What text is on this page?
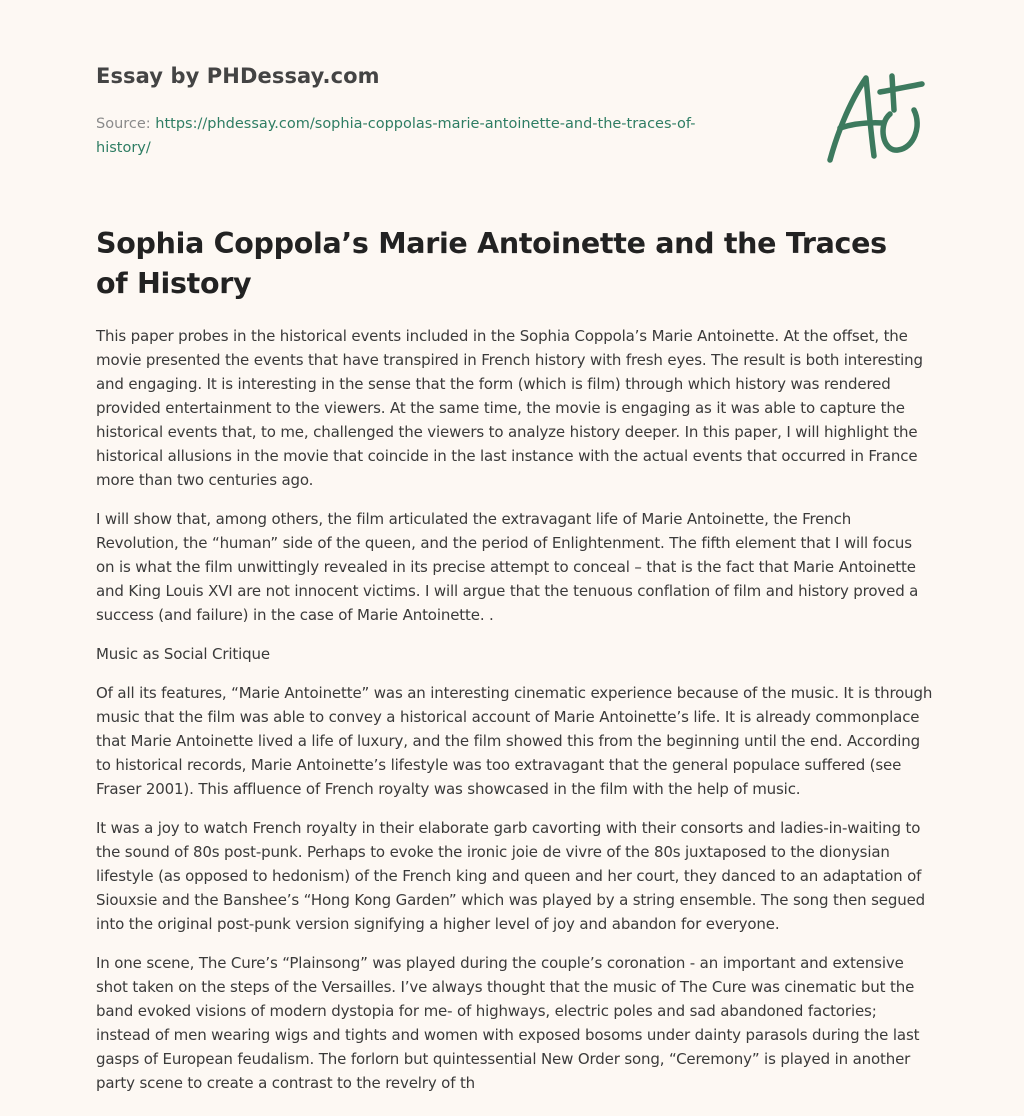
Essay by PHDessay.com
Source: https://phdessay.com/sophia-coppolas-marie-antoinette-and-the-traces-of-history/
Sophia Coppola’s Marie Antoinette and the Traces of History

This paper probes in the historical events included in the Sophia Coppola’s Marie Antoinette. At the offset, the movie presented the events that have transpired in French history with fresh eyes. The result is both interesting and engaging. It is interesting in the sense that the form (which is film) through which history was rendered provided entertainment to the viewers. At the same time, the movie is engaging as it was able to capture the historical events that, to me, challenged the viewers to analyze history deeper. In this paper, I will highlight the historical allusions in the movie that coincide in the last instance with the actual events that occurred in France more than two centuries ago.

I will show that, among others, the film articulated the extravagant life of Marie Antoinette, the French Revolution, the “human” side of the queen, and the period of Enlightenment. The fifth element that I will focus on is what the film unwittingly revealed in its precise attempt to conceal – that is the fact that Marie Antoinette and King Louis XVI are not innocent victims. I will argue that the tenuous conflation of film and history proved a success (and failure) in the case of Marie Antoinette. .

Music as Social Critique

Of all its features, “Marie Antoinette” was an interesting cinematic experience because of the music. It is through music that the film was able to convey a historical account of Marie Antoinette’s life. It is already commonplace that Marie Antoinette lived a life of luxury, and the film showed this from the beginning until the end. According to historical records, Marie Antoinette’s lifestyle was too extravagant that the general populace suffered (see Fraser 2001). This affluence of French royalty was showcased in the film with the help of music.

It was a joy to watch French royalty in their elaborate garb cavorting with their consorts and ladies-in-waiting to the sound of 80s post-punk. Perhaps to evoke the ironic joie de vivre of the 80s juxtaposed to the dionysian lifestyle (as opposed to hedonism) of the French king and queen and her court, they danced to an adaptation of Siouxsie and the Banshee’s “Hong Kong Garden” which was played by a string ensemble. The song then segued into the original post-punk version signifying a higher level of joy and abandon for everyone.

In one scene, The Cure’s “Plainsong” was played during the couple’s coronation - an important and extensive shot taken on the steps of the Versailles. I’ve always thought that the music of The Cure was cinematic but the band evoked visions of modern dystopia for me- of highways, electric poles and sad abandoned factories; instead of men wearing wigs and tights and women with exposed bosoms under dainty parasols during the last gasps of European feudalism. The forlorn but quintessential New Order song, “Ceremony” is played in another party scene to create a contrast to the revelry of th
